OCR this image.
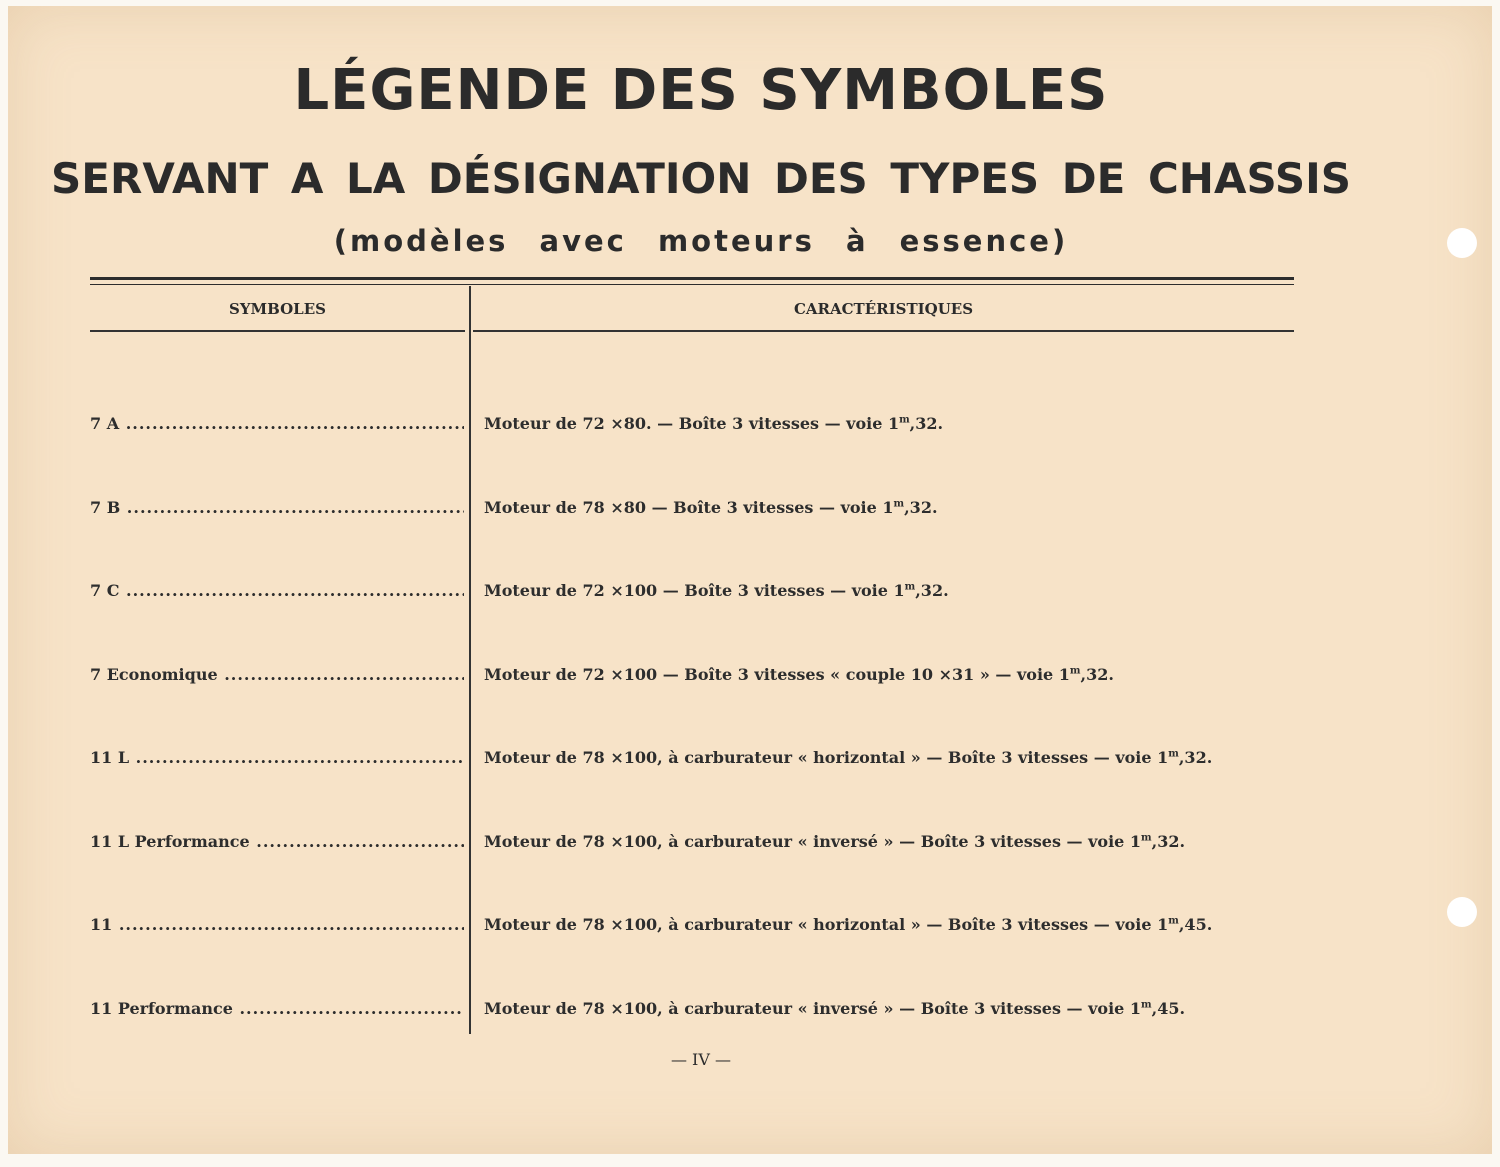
LÉGENDE DES SYMBOLES
SERVANT A LA DÉSIGNATION DES TYPES DE CHASSIS
(modèles avec moteurs à essence)
SYMBOLES	CARACTÉRISTIQUES
7 A .....	Moteur de 72 ×80. — Boîte 3 vitesses — voie 1$^m$,32.
7 B .....	Moteur de 78 ×80 — Boîte 3 vitesses — voie 1$^m$,32.
7 C .....	Moteur de 72 ×100 — Boîte 3 vitesses — voie 1$^m$,32.
7 Economique .....	Moteur de 72 ×100 — Boîte 3 vitesses « couple 10 ×31 » — voie 1$^m$,32.
11 L .....	Moteur de 78 ×100, à carburateur « horizontal » — Boîte 3 vitesses — voie 1$^m$,32.
11 L Performance .....	Moteur de 78 ×100, à carburateur « inversé » — Boîte 3 vitesses — voie 1$^m$,32.
11 .....	Moteur de 78 ×100, à carburateur « horizontal » — Boîte 3 vitesses — voie 1$^m$,45.
11 Performance .....	Moteur de 78 ×100, à carburateur « inversé » — Boîte 3 vitesses — voie 1$^m$,45.
— IV —
